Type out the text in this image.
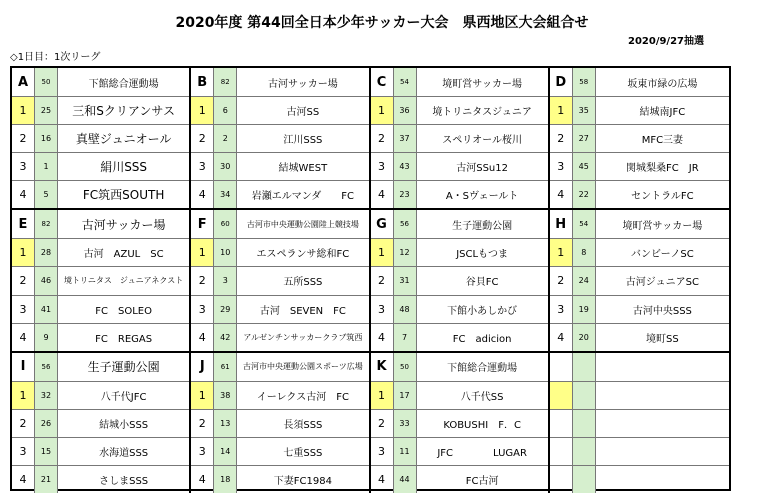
2020年度 第44回全日本少年サッカー大会　県西地区大会組合せ
2020/9/27抽選
◇1日目：1次リーグ
A	50	下館総合運動場
1	25	三和Sクリアンサス
2	16	真壁ジュニオール
3	1	絹川SSS
4	5	FC筑西SOUTH
B	82	古河サッカー場
1	6	古河SS
2	2	江川SSS
3	30	結城WEST
4	34	岩瀬エルマンダ　　FC
C	54	境町営サッカー場
1	36	境トリニタスジュニア
2	37	スペリオール桜川
3	43	古河SSu12
4	23	A・Sヴェールト
D	58	坂東市緑の広場
1	35	結城南JFC
2	27	MFC三妻
3	45	関城梨桑FC　JR
4	22	セントラルFC
E	82	古河サッカー場
1	28	古河　AZUL　SC
2	46	境トリニタス　ジュニアネクスト
3	41	FC　SOLEO
4	9	FC　REGAS
F	60	古河市中央運動公園陸上競技場
1	10	エスペランサ総和FC
2	3	五所SSS
3	29	古河　SEVEN　FC
4	42	アルゼンチンサッカークラブ筑西
G	56	生子運動公園
1	12	JSCLもつま
2	31	谷貝FC
3	48	下館小あしかび
4	7	FC　adicion
H	54	境町営サッカー場
1	8	バンビーノSC
2	24	古河ジュニアSC
3	19	古河中央SSS
4	20	境町SS
I	56	生子運動公園
1	32	八千代JFC
2	26	結城小SSS
3	15	水海道SSS
4	21	さしまSSS
J	61	古河市中央運動公園スポーツ広場
1	38	イーレクス古河　FC
2	13	長須SSS
3	14	七重SSS
4	18	下妻FC1984
K	50	下館総合運動場
1	17	八千代SS
2	33	KOBUSHI　F．C
3	11	JFC　　　　LUGAR
4	44	FC古河
